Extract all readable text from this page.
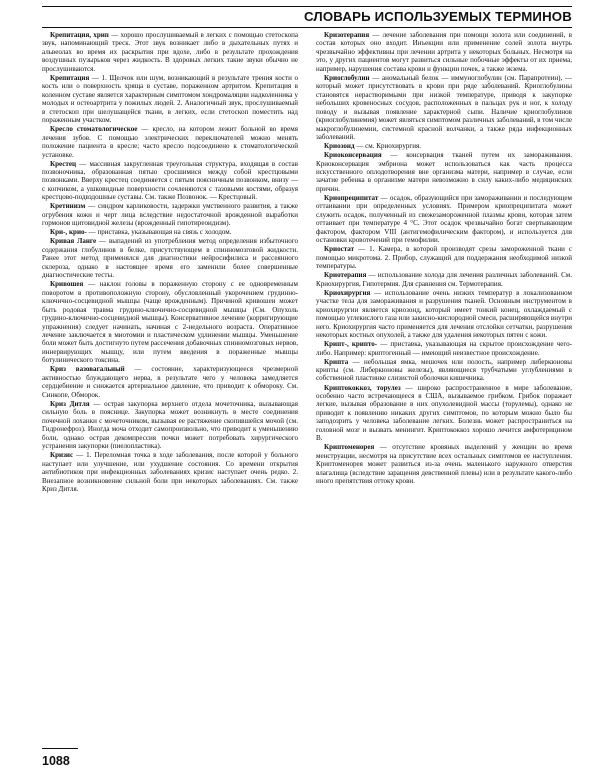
СЛОВАРЬ ИСПОЛЬЗУЕМЫХ ТЕРМИНОВ

Крепитация, хрип — хорошо прослушиваемый в легких с помощью стетоскопа звук, напоминающий треск. Этот звук возникает либо в дыхательных путях и альвеолах во время их раскрытия при вдохе, либо в результате прохождения воздушных пузырьков через жидкость. В здоровых легких такие звуки обычно не прослушиваются.

Крепитация — 1. Щелчок или шум, возникающий в результате трения кости о кость или о поверхность хряща в суставе, пораженном артритом. Крепитация в коленном суставе является характерным симптомом хондромаляции надколенника у молодых и остеоартрита у пожилых людей. 2. Аналогичный звук, прослушиваемый в стетоскоп при шелушащейся ткани, в легких, если стетоскоп поместить над пораженным участком.

Кресло стоматологическое — кресло, на котором лежит больной во время лечения зубов. С помощью электрических переключателей можно менять положение пациента в кресле; часто кресло подсоединено к стоматологической установке.

Крестец — массивная закругленная треугольная структура, входящая в состав позвоночника, образованная пятью сросшимися между собой крестцовыми позвонками. Вверху крестец соединяется с пятым поясничным позвонком, внизу — с копчиком, а ушковидные поверхности сочленяются с тазовыми костями, образуя крестцово-подвздошные суставы. См. также Позвонок. — Крестцовый.

Кретинизм — синдром карликовости, задержки умственного развития, а также огрубения кожи и черт лица вследствие недостаточной врожденной выработки гормонов щитовидной железы (врожденный гипотиреоидизм).

Кри-, крио- — приставка, указывающая на связь с холодом.

Кривая Ланге — выпадений из употребления метод определения избыточного содержания глобулинов в белке, присутствующем в спинномозговой жидкости. Ранее этот метод применялся для диагностики нейросифилиса и рассеянного склероза, однако в настоящее время его заменили более совершенные диагностические тесты.

Кривошея — наклон головы в пораженную сторону с ее одновременным поворотом в противоположную сторону, обусловленный укорочением грудинно-ключично-сосцевидной мышцы (чаще врожденным). Причиной кривошеи может быть родовая травма грудино-ключично-сосцевидной мышцы (См. Опухоль грудино-ключично-сосцевидной мышцы). Консервативное лечение (корригирующие упражнения) следует начинать, начиная с 2-недельного возраста. Оперативное лечение заключается в миотомии и пластическом удлинении мышцы. Уменьшение боли может быть достигнуто путем рассечения добавочных спинномозговых нервов, иннервирующих мышцу, или путем введения в пораженные мышцы ботулинического токсина.

Криз вазовагальный — состояние, характеризующееся чрезмерной активностью блуждающего нерва, в результате чего у человека замедляется сердцебиение и снижается артериальное давление, что приводит к обмороку. См. Синкопе, Обморок.

Криз Дитля — острая закупорка верхнего отдела мочеточника, вызывающая сильную боль в пояснице. Закупорка может возникнуть в месте соединения почечной лоханки с мочеточником, вызывая ее растяжение скопившейся мочой (см. Гидронефроз). Иногда моча отходит самопроизвольно, что приводит к уменьшению боли, однако острая декомпрессия почки может потребовать хирургического устранения закупорки (пиелопластика).

Кризис — 1. Переломная точка в ходе заболевания, после которой у больного наступает или улучшение, или ухудшение состояния. Со времени открытия антибиотиков при инфекционных заболеваниях кризис наступает очень редко. 2. Внезапное возникновение сильной боли при некоторых заболеваниях. См. также Криз Дитля.

Кризотерапия — лечение заболевания при помощи золота или соединений, в состав которых оно входит. Инъекции или применение солей золота внутрь чрезвычайно эффективны при лечении артрита у некоторых больных. Несмотря на это, у других пациентов могут развиться сильные побочные эффекты от их приема, например, нарушения состава крови и функции почек, а также экзема.

Криоглобулин — аномальный белок — иммуноглобулин (см. Парапротеин), — который может присутствовать в крови при ряде заболеваний. Криоглобулины становятся нерастворимыми при низкой температуре, приводя к закупорке небольших кровеносных сосудов, расположенных в пальцах рук и ног, к холоду поводу и вызывая появление характерной сыпи. Наличие криоглобулинов (криоглобулинемия) может являться симптомом различных заболеваний, в том числе макроглобулинемии, системной красной волчанки, а также ряда инфекционных заболеваний.

Криозонд — см. Криохирургия.

Криоконсервация — консервация тканей путем их замораживания. Криоконсервация эмбриона может использоваться как часть процесса искусственного оплодотворения вне организма матери, например в случае, если зачатие ребенка в организме матери невозможно в силу каких-либо медицинских причин.

Криопреципитат — осадок, образующийся при замораживании и последующем оттаивании при определенных условиях. Примером криопреципитата может служить осадок, полученный из свежезамороженной плазмы крови, которая затем оттаивает при температуре 4 °С. Этот осадок чрезвычайно богат свертывающим фактором, фактором VIII (антигемофилическим фактором), и используется для остановки кровотечений при гемофилии.

Криостат — 1. Камера, в которой производят срезы замороженной ткани с помощью микротома. 2. Прибор, служащий для поддержания необходимой низкой температуры.

Криотерапия — использование холода для лечения различных заболеваний. См. Криохирургия, Гипотермия. Для сравнения см. Термотерапия.

Криохирургия — использование очень низких температур в локализованном участке тела для замораживания и разрушения тканей. Основным инструментом в криохирургии является криозонд, который имеет тонкий конец, охлаждаемый с помощью углекислого газа или закисно-кислородной смеси, расширяющейся внутри него. Криохирургия часто применяется для лечения отслойки сетчатки, разрушения некоторых костных опухолей, а также для удаления некоторых пятен с кожи.

Крипт-, крипто- — приставка, указывающая на скрытое происхождение чего-либо. Например: криптогенный — имеющий неизвестное происхождение.

Крипта — небольшая ямка, мешочек или полость, например либеркюновы крипты (см. Либеркюновы железы), являющиеся трубчатыми углублениями в собственной пластинке слизистой оболочки кишечника.

Криптококкоз, торулез — широко распространенное в мире заболевание, особенно часто встречающееся в США, вызываемое грибком. Грибок поражает легкие, вызывая образование в них опухолевидной массы (торулемы), однако не приводит к появлению никаких других симптомов, по которым можно было бы заподозрить у человека заболевание легких. Болезнь может распространиться на головной мозг и вызвать менингит. Криптококкоз хорошо лечится амфотерицином В.

Криптоменорея — отсутствие кровяных выделений у женщин во время менструации, несмотря на присутствие всех остальных симптомов ее наступления. Криптоменорея может развиться из-за очень маленького наружного отверстия влагалища (вследствие заращения девственной плевы) или в результате какого-либо иного препятствия оттоку крови.

1088
